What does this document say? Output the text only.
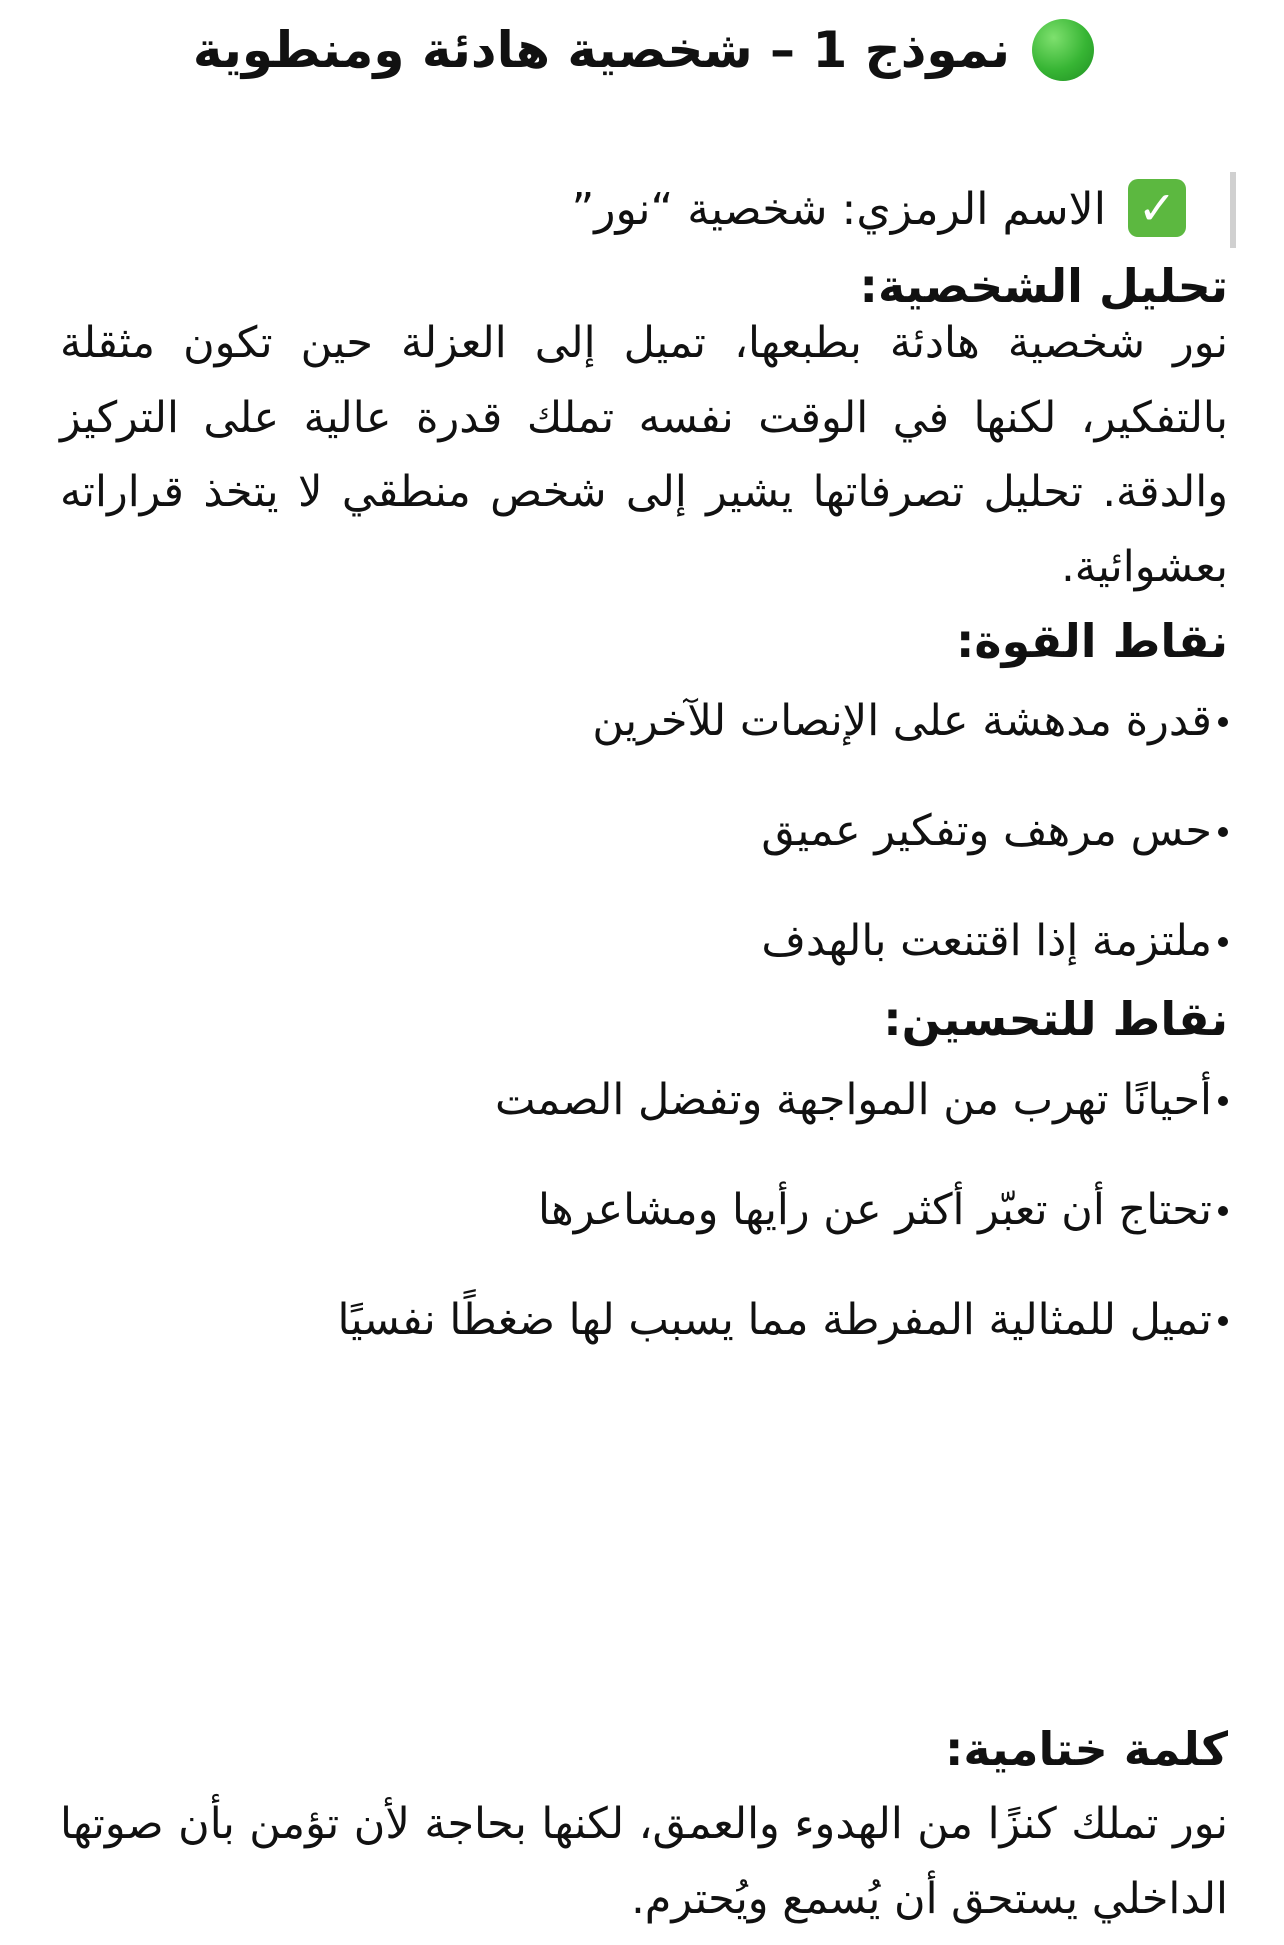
نموذج 1 – شخصية هادئة ومنطوية
✓الاسم الرمزي: شخصية “نور”
تحليل الشخصية:

نور شخصية هادئة بطبعها، تميل إلى العزلة حين تكون مثقلة بالتفكير، لكنها في الوقت نفسه تملك قدرة عالية على التركيز والدقة. تحليل تصرفاتها يشير إلى شخص منطقي لا يتخذ قراراته بعشوائية.

نقاط القوة:
قدرة مدهشة على الإنصات للآخرين
حس مرهف وتفكير عميق
ملتزمة إذا اقتنعت بالهدف
نقاط للتحسين:
أحيانًا تهرب من المواجهة وتفضل الصمت
تحتاج أن تعبّر أكثر عن رأيها ومشاعرها
تميل للمثالية المفرطة مما يسبب لها ضغطًا نفسيًا
كلمة ختامية:

نور تملك كنزًا من الهدوء والعمق، لكنها بحاجة لأن تؤمن بأن صوتها الداخلي يستحق أن يُسمع ويُحترم.
